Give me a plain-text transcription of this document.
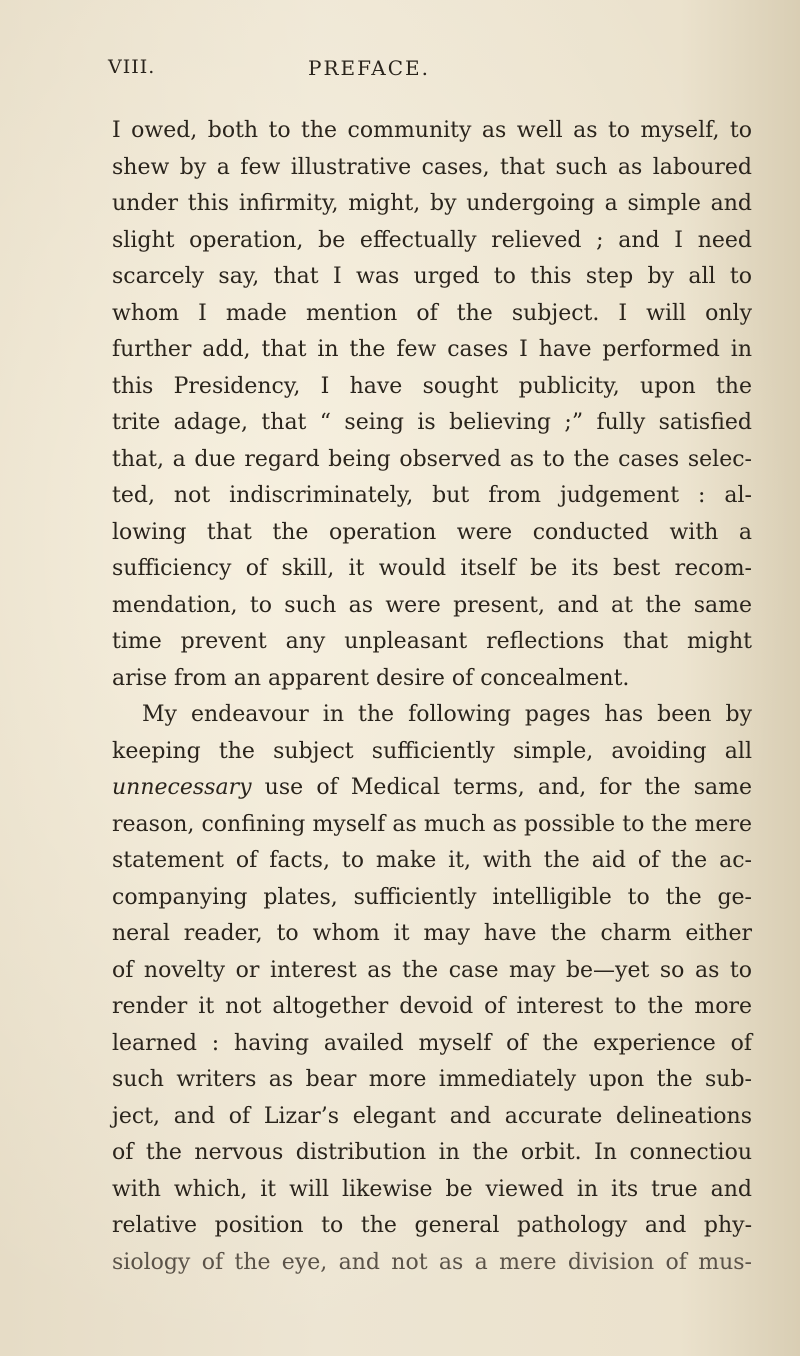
VIII.	PREFACE.
I owed, both to the community as well as to myself, to
shew by a few illustrative cases, that such as laboured
under this infirmity, might, by undergoing a simple and
slight operation, be effectually relieved ; and I need
scarcely say, that I was urged to this step by all to
whom I made mention of the subject. I will only
further add, that in the few cases I have performed in
this Presidency, I have sought publicity, upon the
trite adage, that “ seing is believing ;” fully satisfied
that, a due regard being observed as to the cases selec-
ted, not indiscriminately, but from judgement : al-
lowing that the operation were conducted with a
sufficiency of skill, it would itself be its best recom-
mendation, to such as were present, and at the same
time prevent any unpleasant reflections that might
arise from an apparent desire of concealment.
My endeavour in the following pages has been by
keeping the subject sufficiently simple, avoiding all
unnecessary use of Medical terms, and, for the same
reason, confining myself as much as possible to the mere
statement of facts, to make it, with the aid of the ac-
companying plates, sufficiently intelligible to the ge-
neral reader, to whom it may have the charm either
of novelty or interest as the case may be—yet so as to
render it not altogether devoid of interest to the more
learned : having availed myself of the experience of
such writers as bear more immediately upon the sub-
ject, and of Lizar’s elegant and accurate delineations
of the nervous distribution in the orbit. In connectiou
with which, it will likewise be viewed in its true and
relative position to the general pathology and phy-
siology of the eye, and not as a mere division of mus-
